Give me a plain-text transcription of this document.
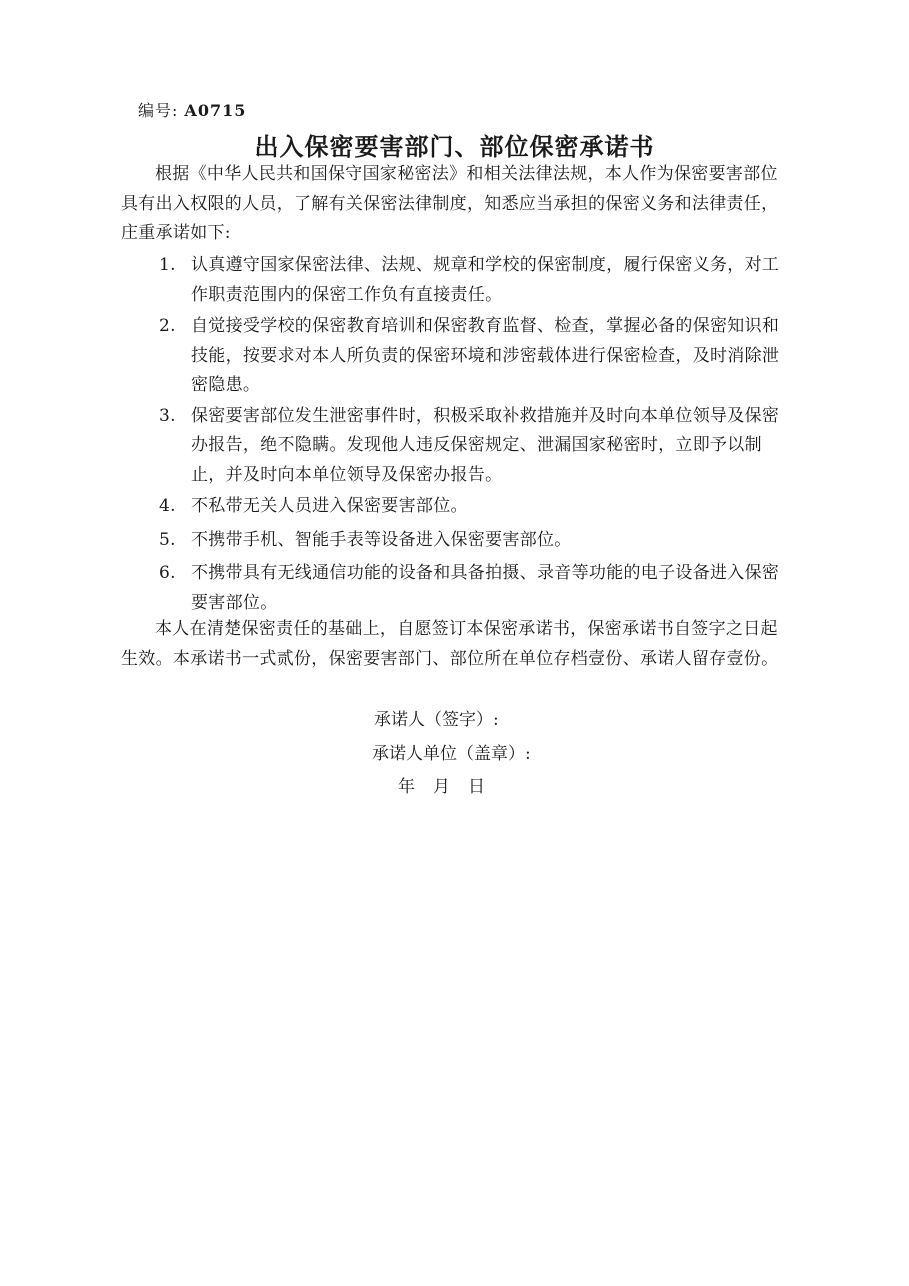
编号: A0715
出入保密要害部门、部位保密承诺书

根据《中华人民共和国保守国家秘密法》和相关法律法规，本人作为保密要害部位具有出入权限的人员，了解有关保密法律制度，知悉应当承担的保密义务和法律责任，庄重承诺如下:

1. 认真遵守国家保密法律、法规、规章和学校的保密制度，履行保密义务，对工作职责范围内的保密工作负有直接责任。
2. 自觉接受学校的保密教育培训和保密教育监督、检查，掌握必备的保密知识和技能，按要求对本人所负责的保密环境和涉密载体进行保密检查，及时消除泄密隐患。
3. 保密要害部位发生泄密事件时，积极采取补救措施并及时向本单位领导及保密办报告，绝不隐瞒。发现他人违反保密规定、泄漏国家秘密时，立即予以制止，并及时向本单位领导及保密办报告。
4. 不私带无关人员进入保密要害部位。
5. 不携带手机、智能手表等设备进入保密要害部位。
6. 不携带具有无线通信功能的设备和具备拍摄、录音等功能的电子设备进入保密要害部位。

本人在清楚保密责任的基础上，自愿签订本保密承诺书，保密承诺书自签字之日起生效。本承诺书一式贰份，保密要害部门、部位所在单位存档壹份、承诺人留存壹份。

承诺人（签字）:
承诺人单位（盖章）:
年 月 日
